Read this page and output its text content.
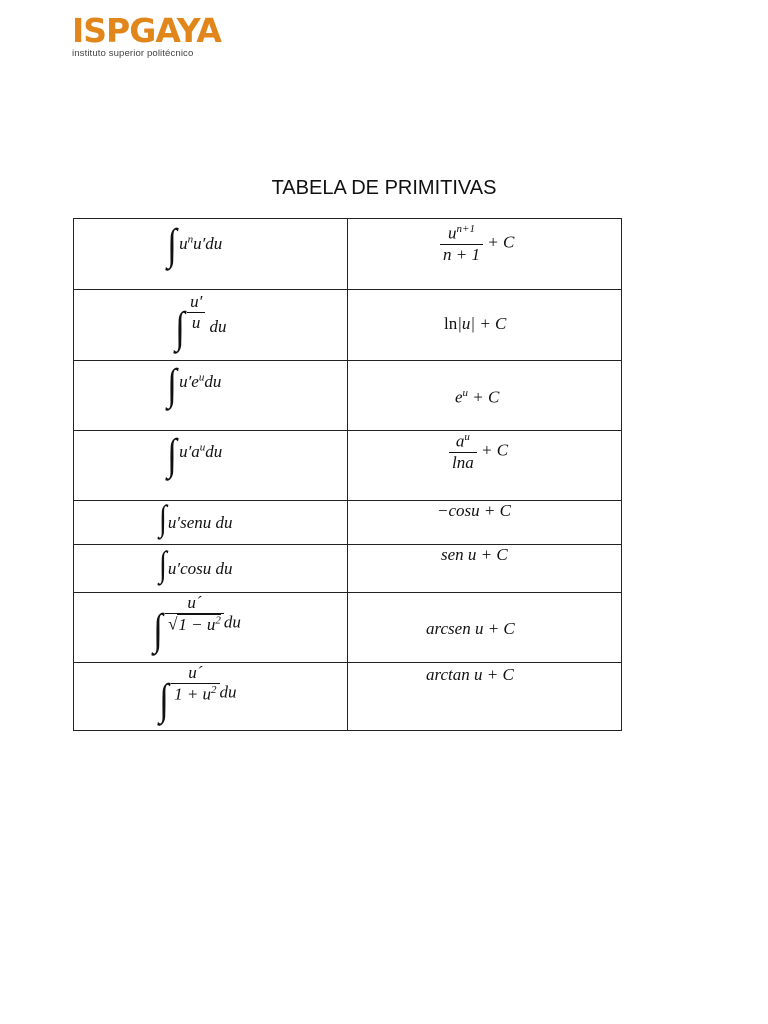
ISPGAYA
instituto superior politécnico
TABELA DE PRIMITIVAS
∫ $u^nu'du$	$\frac{u^{n+1}}{n + 1} + C$

∫ $\frac{u'}{u}$ du	ln|u| + C

∫ $u'e^udu$	$e^u + C$

∫ $u'a^udu$	$\frac{a^u}{\ln a} + C$

∫u′senu du	−cosu + C

∫u′cosu du	sen u + C

∫ $\frac{u´}{√1 - u^2}$ du	arcsen u + C

∫ $\frac{u´}{1 + u^2}$ du	arctan u + C
